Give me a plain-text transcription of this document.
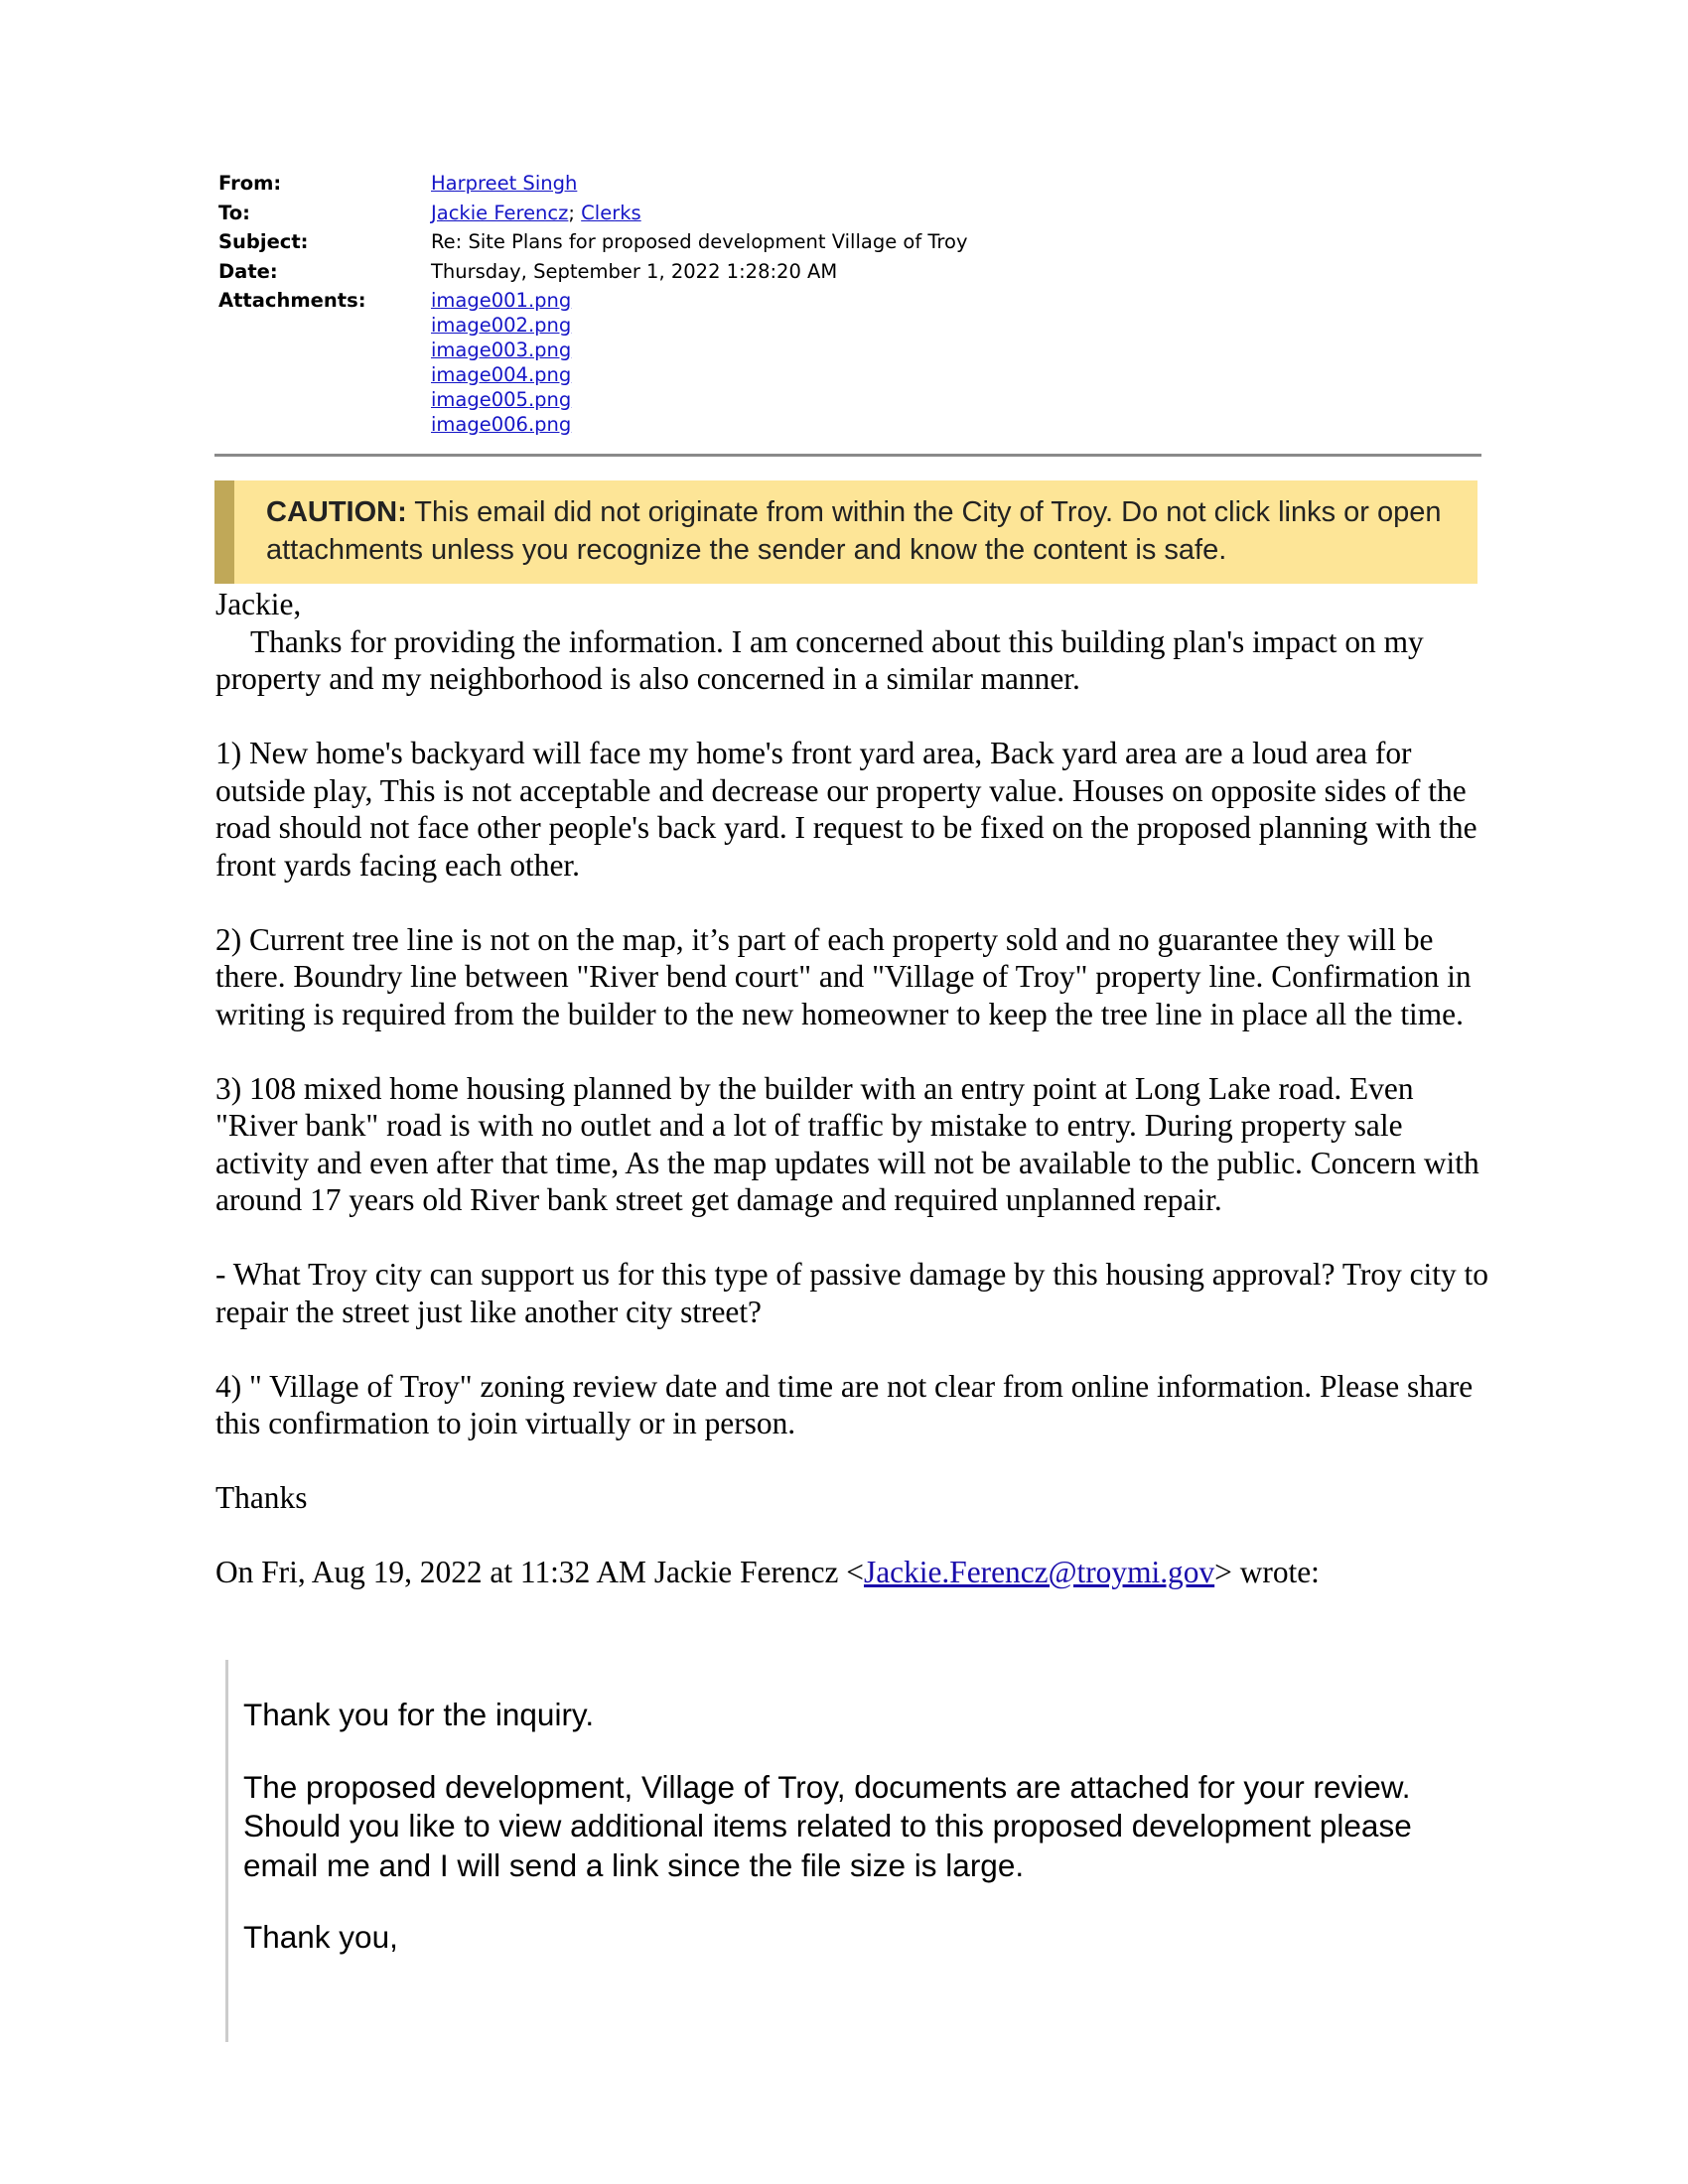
From:	Harpreet Singh
To:	Jackie Ferencz; Clerks
Subject:	Re: Site Plans for proposed development Village of Troy
Date:	Thursday, September 1, 2022 1:28:20 AM
Attachments:	image001.png
image002.png
image003.png
image004.png
image005.png
image006.png
CAUTION: This email did not originate from within the City of Troy. Do not click links or open attachments unless you recognize the sender and know the content is safe.

Jackie,

Thanks for providing the information. I am concerned about this building plan's impact on my property and my neighborhood is also concerned in a similar manner.

1) New home's backyard will face my home's front yard area, Back yard area are a loud area for outside play, This is not acceptable and decrease our property value. Houses on opposite sides of the road should not face other people's back yard. I request to be fixed on the proposed planning with the front yards facing each other.

2) Current tree line is not on the map, it’s part of each property sold and no guarantee they will be there. Boundry line between "River bend court" and "Village of Troy" property line. Confirmation in writing is required from the builder to the new homeowner to keep the tree line in place all the time.

3) 108 mixed home housing planned by the builder with an entry point at Long Lake road. Even "River bank" road is with no outlet and a lot of traffic by mistake to entry. During property sale activity and even after that time, As the map updates will not be available to the public. Concern with around 17 years old River bank street get damage and required unplanned repair.

- What Troy city can support us for this type of passive damage by this housing approval? Troy city to repair the street just like another city street?

4) " Village of Troy" zoning review date and time are not clear from online information. Please share this confirmation to join virtually or in person.

Thanks

On Fri, Aug 19, 2022 at 11:32 AM Jackie Ferencz <Jackie.Ferencz@troymi.gov> wrote:

Thank you for the inquiry.

The proposed development, Village of Troy, documents are attached for your review. Should you like to view additional items related to this proposed development please email me and I will send a link since the file size is large.

Thank you,
